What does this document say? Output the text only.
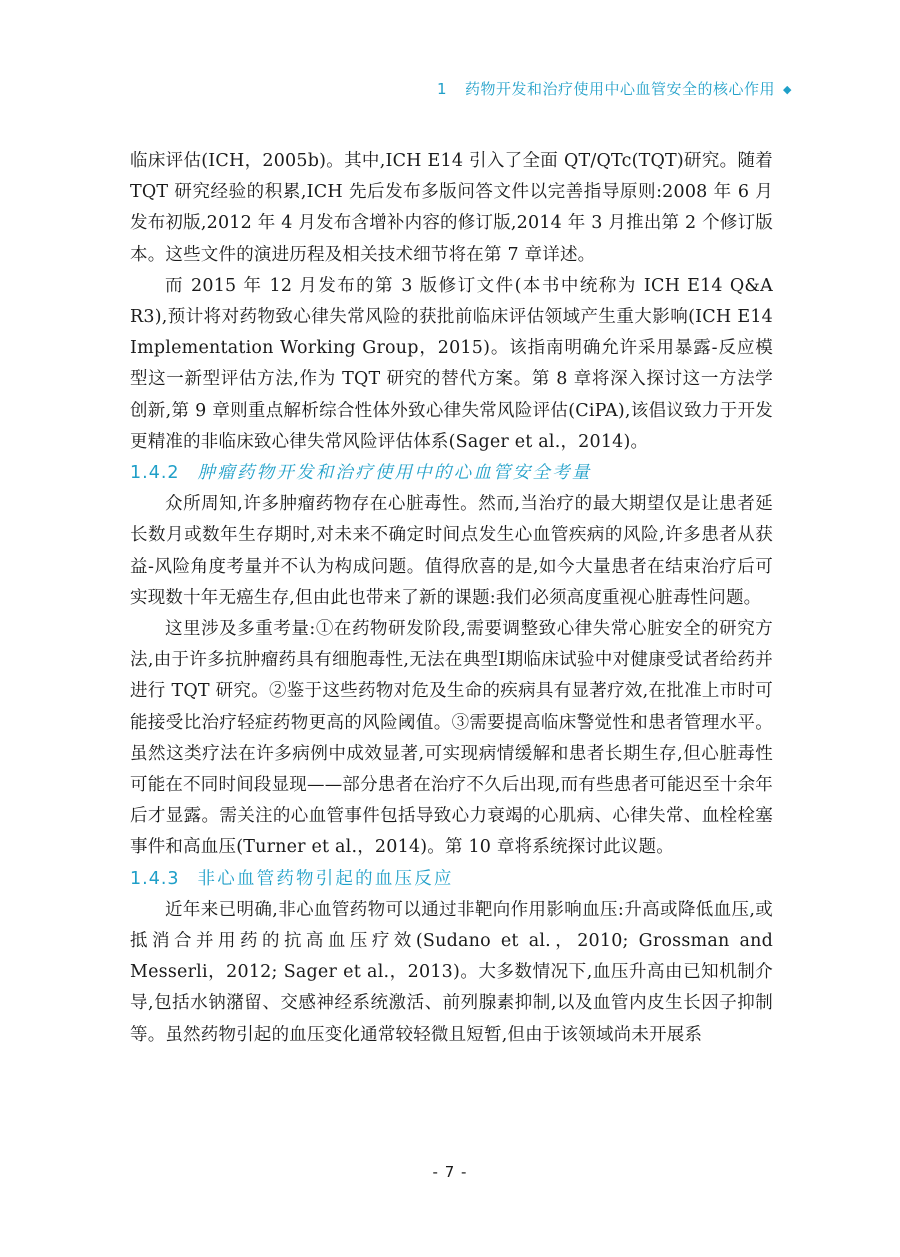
1 药物开发和治疗使用中心血管安全的核心作用 ◆

临床评估(ICH，2005b)。其中,ICH E14 引入了全面 QT/QTc(TQT)研究。随着 TQT 研究经验的积累,ICH 先后发布多版问答文件以完善指导原则:2008 年 6 月发布初版,2012 年 4 月发布含增补内容的修订版,2014 年 3 月推出第 2 个修订版本。这些文件的演进历程及相关技术细节将在第 7 章详述。

而 2015 年 12 月发布的第 3 版修订文件(本书中统称为 ICH E14 Q&A R3),预计将对药物致心律失常风险的获批前临床评估领域产生重大影响(ICH E14 Implementation Working Group，2015)。该指南明确允许采用暴露-反应模型这一新型评估方法,作为 TQT 研究的替代方案。第 8 章将深入探讨这一方法学创新,第 9 章则重点解析综合性体外致心律失常风险评估(CiPA),该倡议致力于开发更精准的非临床致心律失常风险评估体系(Sager et al.，2014)。

1.4.2 肿瘤药物开发和治疗使用中的心血管安全考量

众所周知,许多肿瘤药物存在心脏毒性。然而,当治疗的最大期望仅是让患者延长数月或数年生存期时,对未来不确定时间点发生心血管疾病的风险,许多患者从获益-风险角度考量并不认为构成问题。值得欣喜的是,如今大量患者在结束治疗后可实现数十年无癌生存,但由此也带来了新的课题:我们必须高度重视心脏毒性问题。

这里涉及多重考量:①在药物研发阶段,需要调整致心律失常心脏安全的研究方法,由于许多抗肿瘤药具有细胞毒性,无法在典型Ⅰ期临床试验中对健康受试者给药并进行 TQT 研究。②鉴于这些药物对危及生命的疾病具有显著疗效,在批准上市时可能接受比治疗轻症药物更高的风险阈值。③需要提高临床警觉性和患者管理水平。虽然这类疗法在许多病例中成效显著,可实现病情缓解和患者长期生存,但心脏毒性可能在不同时间段显现——部分患者在治疗不久后出现,而有些患者可能迟至十余年后才显露。需关注的心血管事件包括导致心力衰竭的心肌病、心律失常、血栓栓塞事件和高血压(Turner et al.，2014)。第 10 章将系统探讨此议题。

1.4.3 非心血管药物引起的血压反应

近年来已明确,非心血管药物可以通过非靶向作用影响血压:升高或降低血压,或抵消合并用药的抗高血压疗效(Sudano et al.，2010; Grossman and Messerli，2012; Sager et al.，2013)。大多数情况下,血压升高由已知机制介导,包括水钠潴留、交感神经系统激活、前列腺素抑制,以及血管内皮生长因子抑制等。虽然药物引起的血压变化通常较轻微且短暂,但由于该领域尚未开展系

- 7 -
